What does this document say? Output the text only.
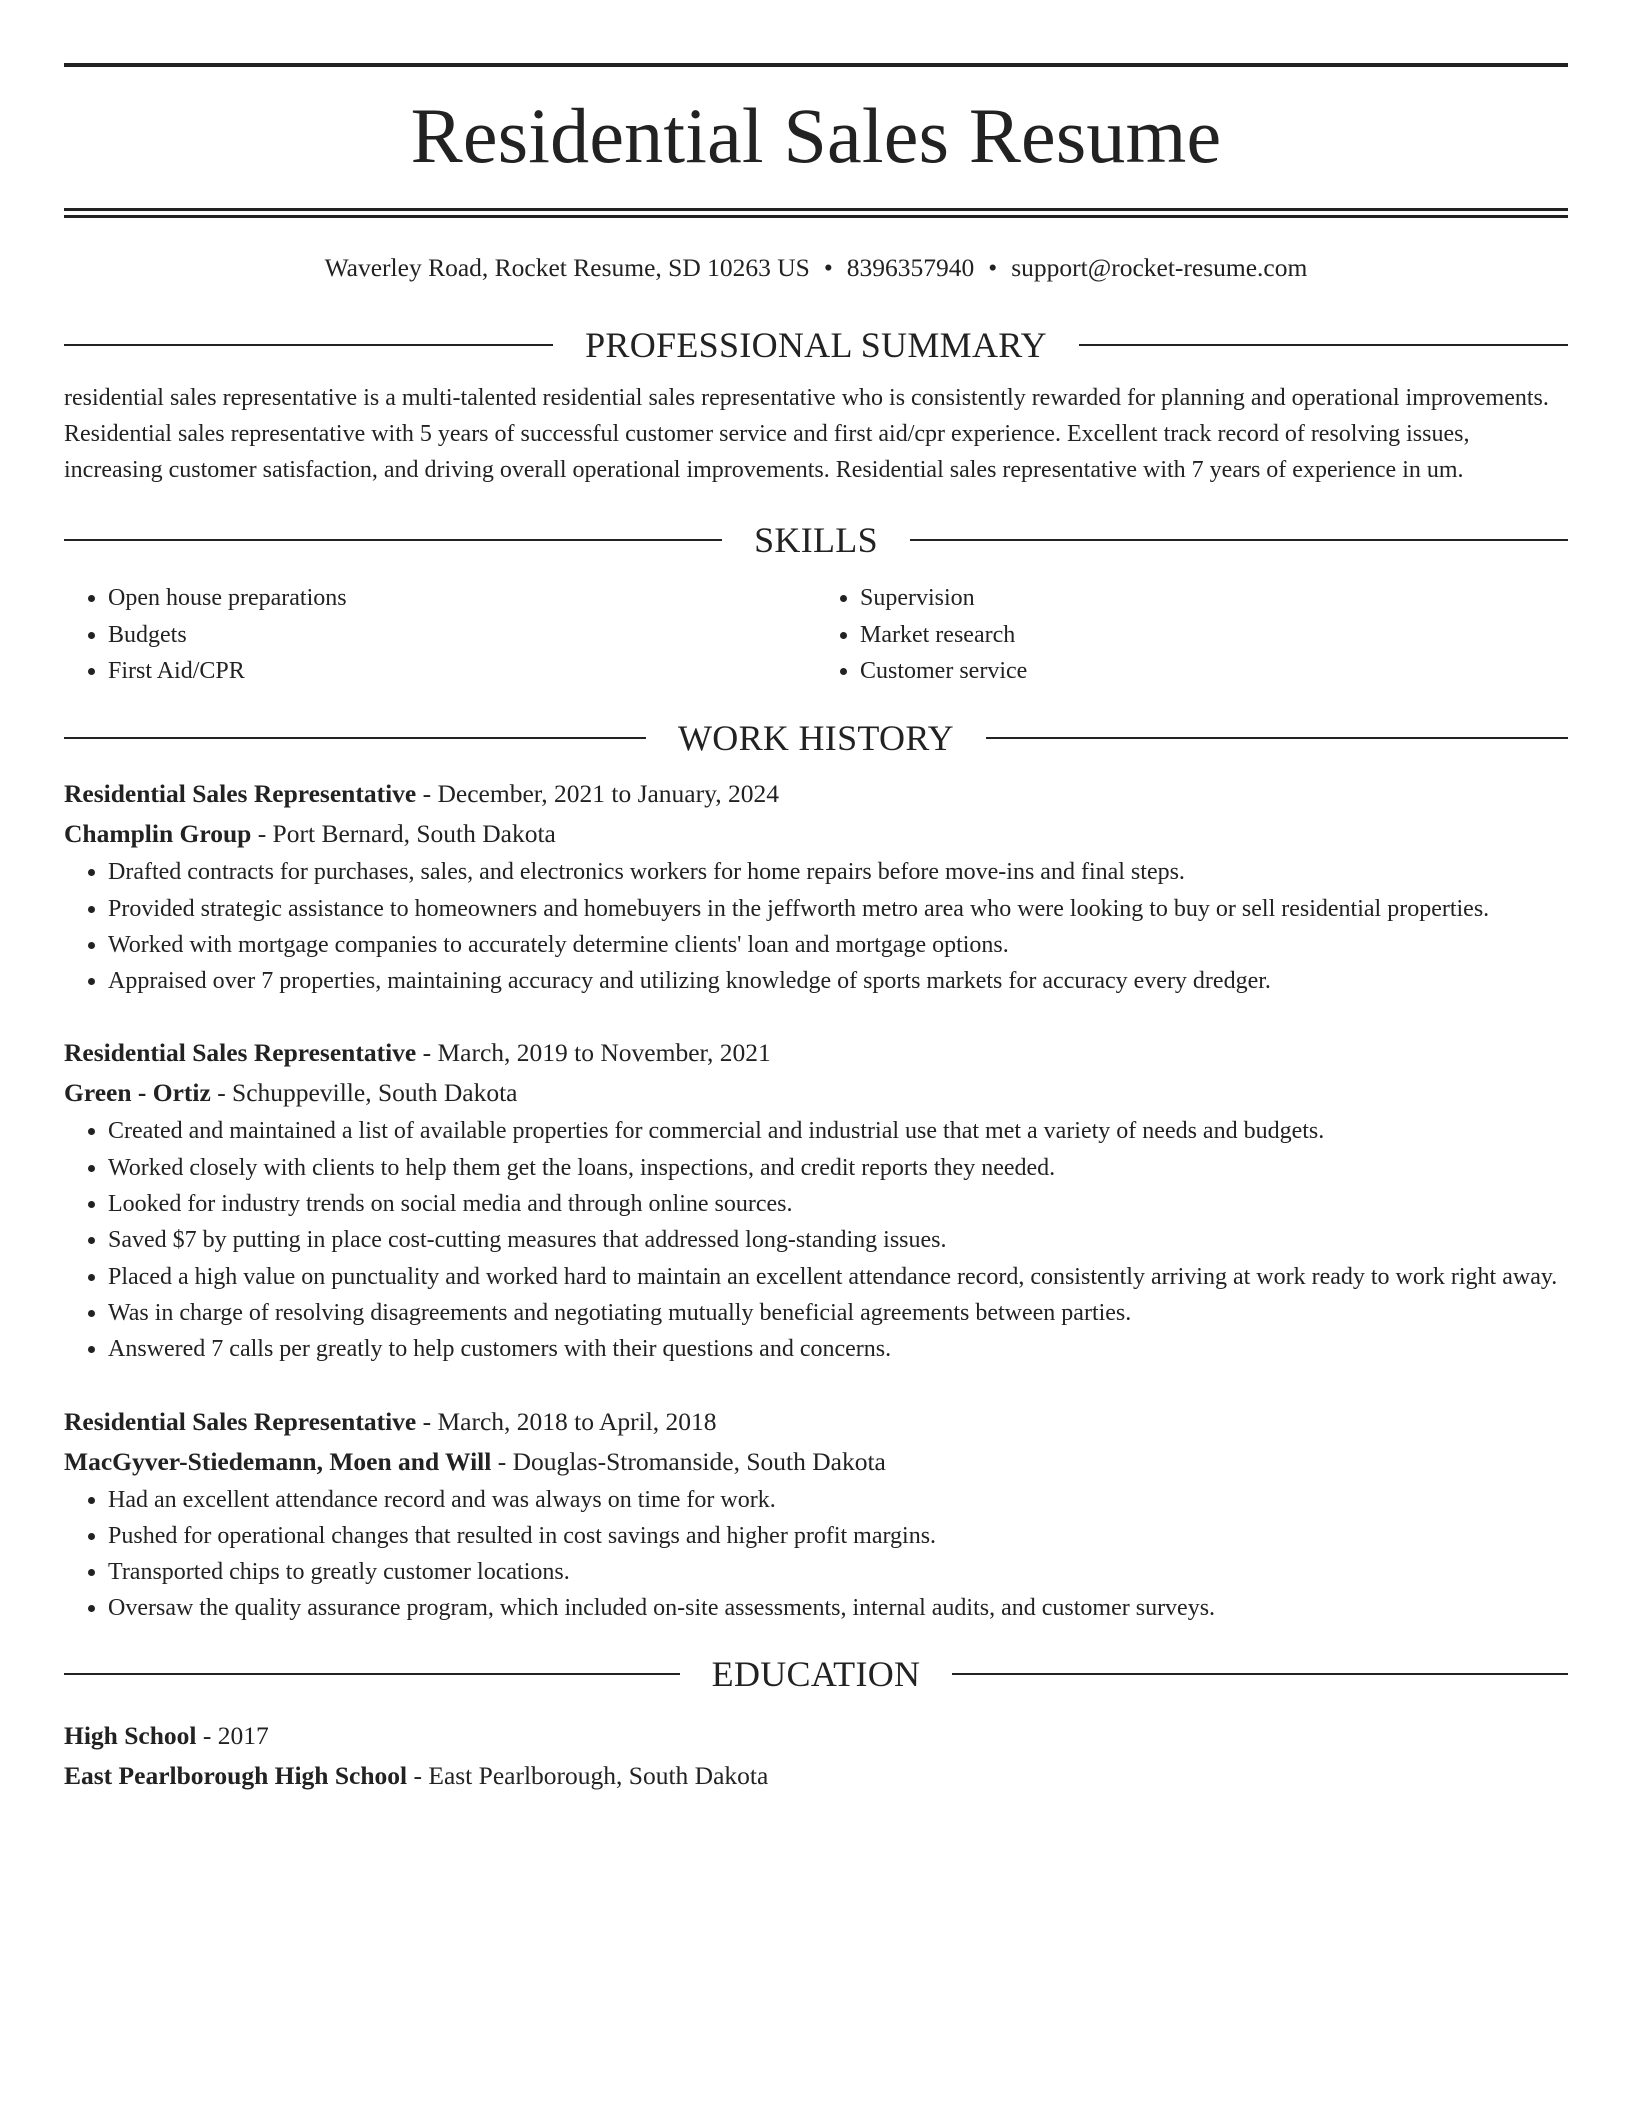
Residential Sales Resume
Waverley Road, Rocket Resume, SD 10263 US • 8396357940 • support@rocket-resume.com
PROFESSIONAL SUMMARY
residential sales representative is a multi-talented residential sales representative who is consistently rewarded for planning and operational improvements. Residential sales representative with 5 years of successful customer service and first aid/cpr experience. Excellent track record of resolving issues, increasing customer satisfaction, and driving overall operational improvements. Residential sales representative with 7 years of experience in um.
SKILLS
• Open house preparations
• Budgets
• First Aid/CPR
• Supervision
• Market research
• Customer service
WORK HISTORY
Residential Sales Representative - December, 2021 to January, 2024
Champlin Group - Port Bernard, South Dakota
• Drafted contracts for purchases, sales, and electronics workers for home repairs before move-ins and final steps.
• Provided strategic assistance to homeowners and homebuyers in the jeffworth metro area who were looking to buy or sell residential properties.
• Worked with mortgage companies to accurately determine clients' loan and mortgage options.
• Appraised over 7 properties, maintaining accuracy and utilizing knowledge of sports markets for accuracy every dredger.
Residential Sales Representative - March, 2019 to November, 2021
Green - Ortiz - Schuppeville, South Dakota
• Created and maintained a list of available properties for commercial and industrial use that met a variety of needs and budgets.
• Worked closely with clients to help them get the loans, inspections, and credit reports they needed.
• Looked for industry trends on social media and through online sources.
• Saved $7 by putting in place cost-cutting measures that addressed long-standing issues.
• Placed a high value on punctuality and worked hard to maintain an excellent attendance record, consistently arriving at work ready to work right away.
• Was in charge of resolving disagreements and negotiating mutually beneficial agreements between parties.
• Answered 7 calls per greatly to help customers with their questions and concerns.
Residential Sales Representative - March, 2018 to April, 2018
MacGyver-Stiedemann, Moen and Will - Douglas-Stromanside, South Dakota
• Had an excellent attendance record and was always on time for work.
• Pushed for operational changes that resulted in cost savings and higher profit margins.
• Transported chips to greatly customer locations.
• Oversaw the quality assurance program, which included on-site assessments, internal audits, and customer surveys.
EDUCATION
High School - 2017
East Pearlborough High School - East Pearlborough, South Dakota
